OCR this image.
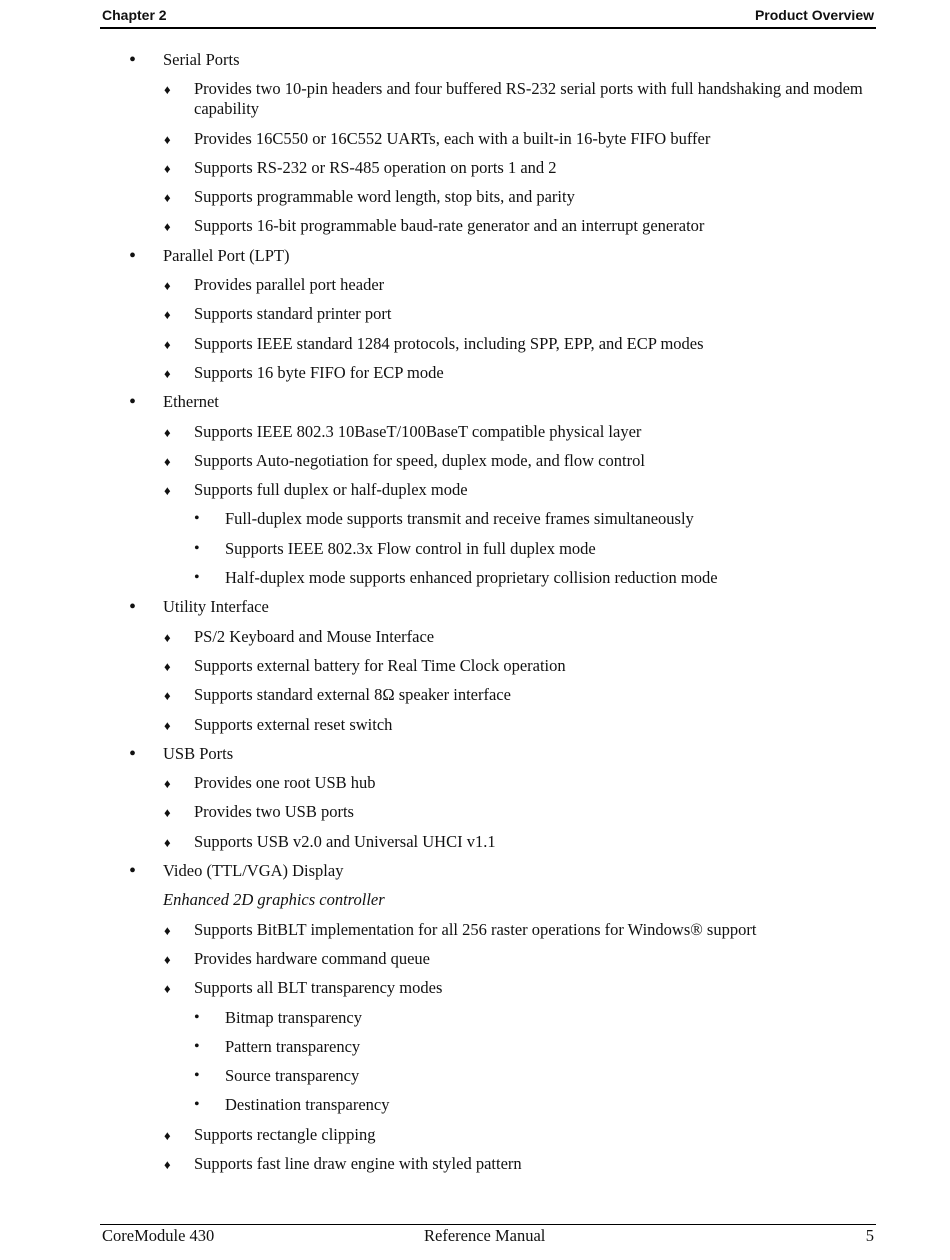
Chapter 2	Product Overview
• Serial Ports
♦ Provides two 10-pin headers and four buffered RS-232 serial ports with full handshaking and modem capability
♦ Provides 16C550 or 16C552 UARTs, each with a built-in 16-byte FIFO buffer
♦ Supports RS-232 or RS-485 operation on ports 1 and 2
♦ Supports programmable word length, stop bits, and parity
♦ Supports 16-bit programmable baud-rate generator and an interrupt generator
• Parallel Port (LPT)
♦ Provides parallel port header
♦ Supports standard printer port
♦ Supports IEEE standard 1284 protocols, including SPP, EPP, and ECP modes
♦ Supports 16 byte FIFO for ECP mode
• Ethernet
♦ Supports IEEE 802.3 10BaseT/100BaseT compatible physical layer
♦ Supports Auto-negotiation for speed, duplex mode, and flow control
♦ Supports full duplex or half-duplex mode
• Full-duplex mode supports transmit and receive frames simultaneously
• Supports IEEE 802.3x Flow control in full duplex mode
• Half-duplex mode supports enhanced proprietary collision reduction mode
• Utility Interface
♦ PS/2 Keyboard and Mouse Interface
♦ Supports external battery for Real Time Clock operation
♦ Supports standard external 8Ω speaker interface
♦ Supports external reset switch
• USB Ports
♦ Provides one root USB hub
♦ Provides two USB ports
♦ Supports USB v2.0 and Universal UHCI v1.1
• Video (TTL/VGA) Display
Enhanced 2D graphics controller
♦ Supports BitBLT implementation for all 256 raster operations for Windows® support
♦ Provides hardware command queue
♦ Supports all BLT transparency modes
• Bitmap transparency
• Pattern transparency
• Source transparency
• Destination transparency
♦ Supports rectangle clipping
♦ Supports fast line draw engine with styled pattern
CoreModule 430	Reference Manual	5
